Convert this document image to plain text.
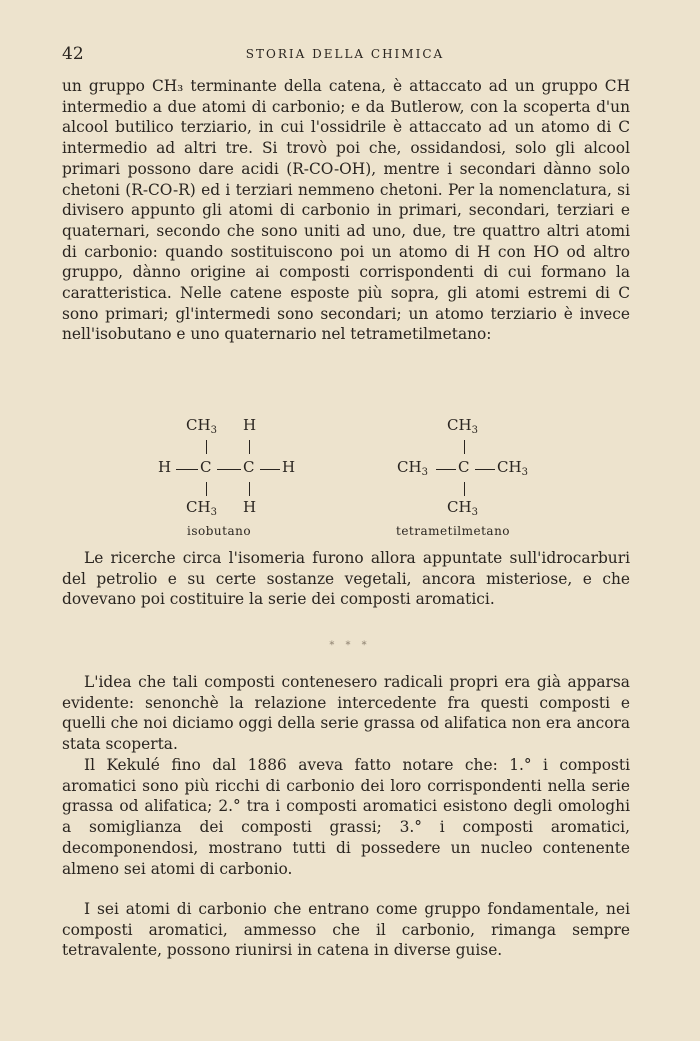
42	STORIA DELLA CHIMICA

un gruppo CH₃ terminante della catena, è attaccato ad un gruppo CH intermedio a due atomi di carbonio; e da Butlerow, con la scoperta d'un alcool butilico terziario, in cui l'ossidrile è attaccato ad un atomo di C intermedio ad altri tre. Si trovò poi che, ossidandosi, solo gli alcool primari possono dare acidi (R-CO-OH), mentre i secondari dànno solo chetoni (R-CO-R) ed i terziari nemmeno chetoni. Per la nomenclatura, si divisero appunto gli atomi di carbonio in primari, secondari, terziari e quaternari, secondo che sono uniti ad uno, due, tre quattro altri atomi di carbonio: quando sostituiscono poi un atomo di H con HO od altro gruppo, dànno origine ai composti corrispondenti di cui formano la caratteristica. Nelle catene esposte più sopra, gli atomi estremi di C sono primari; gl'intermedi sono secondari; un atomo terziario è invece nell'isobutano e uno quaternario nel tetrametilmetano:

$CH_3$ H
H C C H
$CH_3$ H
isobutano
$CH_3$
$CH_3$ C $CH_3$
$CH_3$
tetrametilmetano

Le ricerche circa l'isomeria furono allora appuntate sull'idrocarburi del petrolio e su certe sostanze vegetali, ancora misteriose, e che dovevano poi costituire la serie dei composti aromatici.

* * *

L'idea che tali composti contenesero radicali propri era già apparsa evidente: senonchè la relazione intercedente fra questi composti e quelli che noi diciamo oggi della serie grassa od alifatica non era ancora stata scoperta.

Il Kekulé fino dal 1886 aveva fatto notare che: 1.° i composti aromatici sono più ricchi di carbonio dei loro corrispondenti nella serie grassa od alifatica; 2.° tra i composti aromatici esistono degli omologhi a somiglianza dei composti grassi; 3.° i composti aromatici, decomponendosi, mostrano tutti di possedere un nucleo contenente almeno sei atomi di carbonio.

I sei atomi di carbonio che entrano come gruppo fondamentale, nei composti aromatici, ammesso che il carbonio, rimanga sempre tetravalente, possono riunirsi in catena in diverse guise.
